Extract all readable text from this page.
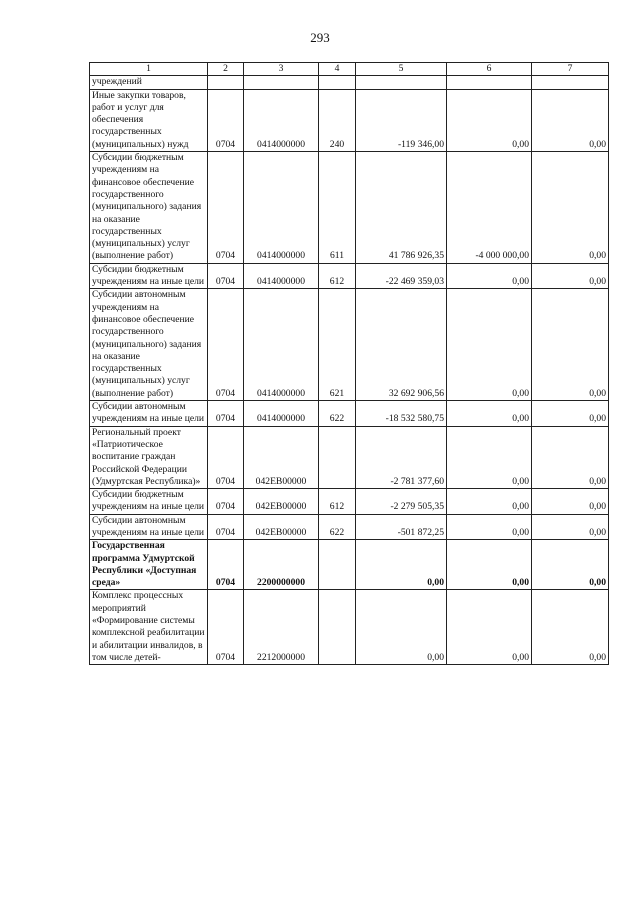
293
1	2	3	4	5	6	7
учреждений						
Иные закупки товаров, работ и услуг для обеспечения государственных (муниципальных) нужд	0704	0414000000	240	-119 346,00	0,00	0,00
Субсидии бюджетным учреждениям на финансовое обеспечение государственного (муниципального) задания на оказание государственных (муниципальных) услуг (выполнение работ)	0704	0414000000	611	41 786 926,35	-4 000 000,00	0,00
Субсидии бюджетным учреждениям на иные цели	0704	0414000000	612	-22 469 359,03	0,00	0,00
Субсидии автономным учреждениям на финансовое обеспечение государственного (муниципального) задания на оказание государственных (муниципальных) услуг (выполнение работ)	0704	0414000000	621	32 692 906,56	0,00	0,00
Субсидии автономным учреждениям на иные цели	0704	0414000000	622	-18 532 580,75	0,00	0,00
Региональный проект «Патриотическое воспитание граждан Российской Федерации (Удмуртская Республика)»	0704	042EB00000		-2 781 377,60	0,00	0,00
Субсидии бюджетным учреждениям на иные цели	0704	042EB00000	612	-2 279 505,35	0,00	0,00
Субсидии автономным учреждениям на иные цели	0704	042EB00000	622	-501 872,25	0,00	0,00
Государственная программа Удмуртской Республики «Доступная среда»	0704	2200000000		0,00	0,00	0,00
Комплекс процессных мероприятий «Формирование системы комплексной реабилитации и абилитации инвалидов, в том числе детей-	0704	2212000000		0,00	0,00	0,00
